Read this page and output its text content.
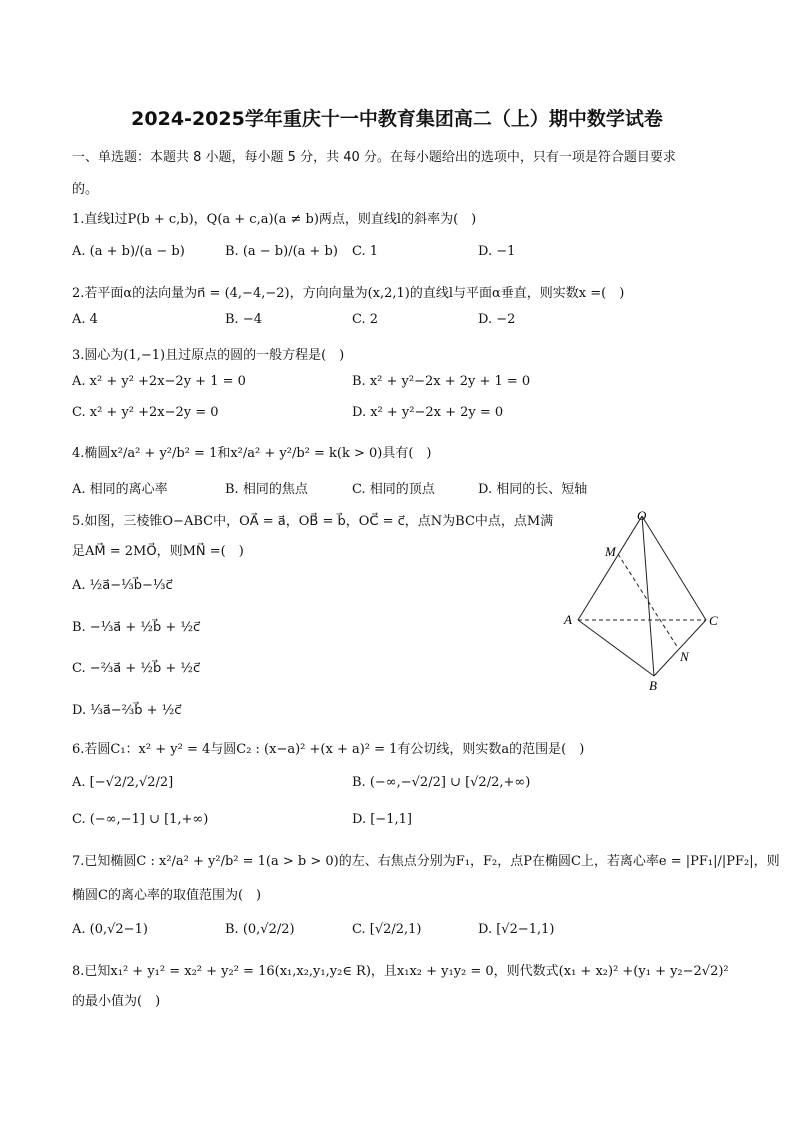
2024-2025学年重庆十一中教育集团高二（上）期中数学试卷
一、单选题：本题共 8 小题，每小题 5 分，共 40 分。在每小题给出的选项中，只有一项是符合题目要求
的。
1.直线l过P(b + c,b)，Q(a + c,a)(a ≠ b)两点，则直线l的斜率为(　)
A. (a + b)/(a − b)	B. (a − b)/(a + b) C. 1	D. −1
2.若平面α的法向量为n⃗ = (4,−4,−2)，方向向量为(x,2,1)的直线l与平面α垂直，则实数x =(　)
A. 4	B. −4	C. 2	D. −2
3.圆心为(1,−1)且过原点的圆的一般方程是(　)
A. x² + y² +2x−2y + 1 = 0	B. x² + y²−2x + 2y + 1 = 0
C. x² + y² +2x−2y = 0	D. x² + y²−2x + 2y = 0
4.椭圆x²/a² + y²/b² = 1和x²/a² + y²/b² = k(k > 0)具有(　)
A. 相同的离心率	B. 相同的焦点	C. 相同的顶点	D. 相同的长、短轴
5.如图，三棱锥O−ABC中，OA⃗ = a⃗，OB⃗ = b⃗，OC⃗ = c⃗，点N为BC中点，点M满
足AM⃗ = 2MO⃗，则MN⃗ =(　)
A. ½a⃗−⅓b⃗−⅓c⃗
B. −⅓a⃗ + ½b⃗ + ½c⃗
C. −⅔a⃗ + ½b⃗ + ½c⃗
D. ⅓a⃗−⅔b⃗ + ½c⃗
O
M
A	C
N
B
6.若圆C₁：x² + y² = 4与圆C₂ : (x−a)² +(x + a)² = 1有公切线，则实数a的范围是(　)
A. [−√2/2,√2/2]	B. (−∞,−√2/2] ∪ [√2/2,+∞)
C. (−∞,−1] ∪ [1,+∞)	D. [−1,1]
7.已知椭圆C : x²/a² + y²/b² = 1(a > b > 0)的左、右焦点分别为F₁，F₂，点P在椭圆C上，若离心率e = |PF₁|/|PF₂|，则
椭圆C的离心率的取值范围为(　)
A. (0,√2−1)	B. (0,√2/2)	C. [√2/2,1)	D. [√2−1,1)
8.已知x₁² + y₁² = x₂² + y₂² = 16(x₁,x₂,y₁,y₂∈ R)，且x₁x₂ + y₁y₂ = 0，则代数式(x₁ + x₂)² +(y₁ + y₂−2√2)²
的最小值为(　)
